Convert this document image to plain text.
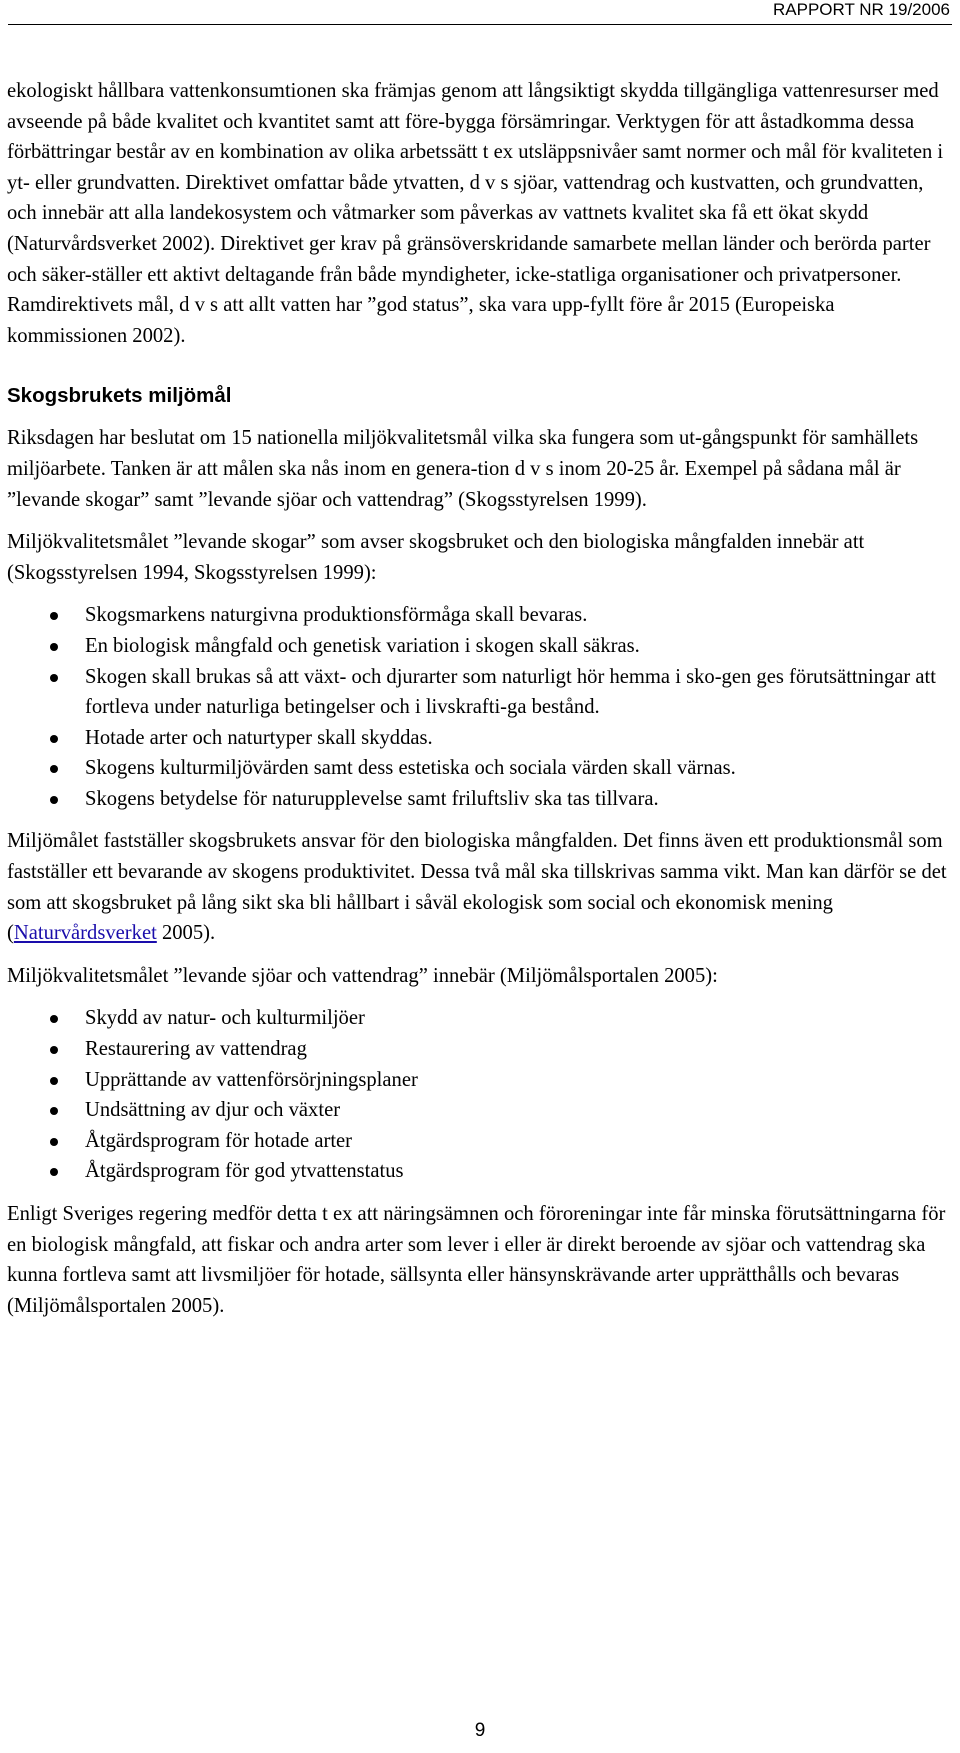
RAPPORT NR 19/2006

ekologiskt hållbara vattenkonsumtionen ska främjas genom att långsiktigt skydda tillgängliga vattenresurser med avseende på både kvalitet och kvantitet samt att före-bygga försämringar. Verktygen för att åstadkomma dessa förbättringar består av en kombination av olika arbetssätt t ex utsläppsnivåer samt normer och mål för kvaliteten i yt- eller grundvatten. Direktivet omfattar både ytvatten, d v s sjöar, vattendrag och kustvatten, och grundvatten, och innebär att alla landekosystem och våtmarker som påverkas av vattnets kvalitet ska få ett ökat skydd (Naturvårdsverket 2002). Direktivet ger krav på gränsöverskridande samarbete mellan länder och berörda parter och säker-ställer ett aktivt deltagande från både myndigheter, icke-statliga organisationer och privatpersoner. Ramdirektivets mål, d v s att allt vatten har ”god status”, ska vara upp-fyllt före år 2015 (Europeiska kommissionen 2002).

Skogsbrukets miljömål

Riksdagen har beslutat om 15 nationella miljökvalitetsmål vilka ska fungera som ut-gångspunkt för samhällets miljöarbete. Tanken är att målen ska nås inom en genera-tion d v s inom 20-25 år. Exempel på sådana mål är ”levande skogar” samt ”levande sjöar och vattendrag” (Skogsstyrelsen 1999).

Miljökvalitetsmålet ”levande skogar” som avser skogsbruket och den biologiska mångfalden innebär att (Skogsstyrelsen 1994, Skogsstyrelsen 1999):

Skogsmarkens naturgivna produktionsförmåga skall bevaras.
En biologisk mångfald och genetisk variation i skogen skall säkras.
Skogen skall brukas så att växt- och djurarter som naturligt hör hemma i sko-gen ges förutsättningar att fortleva under naturliga betingelser och i livskrafti-ga bestånd.
Hotade arter och naturtyper skall skyddas.
Skogens kulturmiljövärden samt dess estetiska och sociala värden skall värnas.
Skogens betydelse för naturupplevelse samt friluftsliv ska tas tillvara.

Miljömålet fastställer skogsbrukets ansvar för den biologiska mångfalden. Det finns även ett produktionsmål som fastställer ett bevarande av skogens produktivitet. Dessa två mål ska tillskrivas samma vikt. Man kan därför se det som att skogsbruket på lång sikt ska bli hållbart i såväl ekologisk som social och ekonomisk mening (Naturvårdsverket 2005).

Miljökvalitetsmålet ”levande sjöar och vattendrag” innebär (Miljömålsportalen 2005):

Skydd av natur- och kulturmiljöer
Restaurering av vattendrag
Upprättande av vattenförsörjningsplaner
Undsättning av djur och växter
Åtgärdsprogram för hotade arter
Åtgärdsprogram för god ytvattenstatus

Enligt Sveriges regering medför detta t ex att näringsämnen och föroreningar inte får minska förutsättningarna för en biologisk mångfald, att fiskar och andra arter som lever i eller är direkt beroende av sjöar och vattendrag ska kunna fortleva samt att livsmiljöer för hotade, sällsynta eller hänsynskrävande arter upprätthålls och bevaras (Miljömålsportalen 2005).

9
